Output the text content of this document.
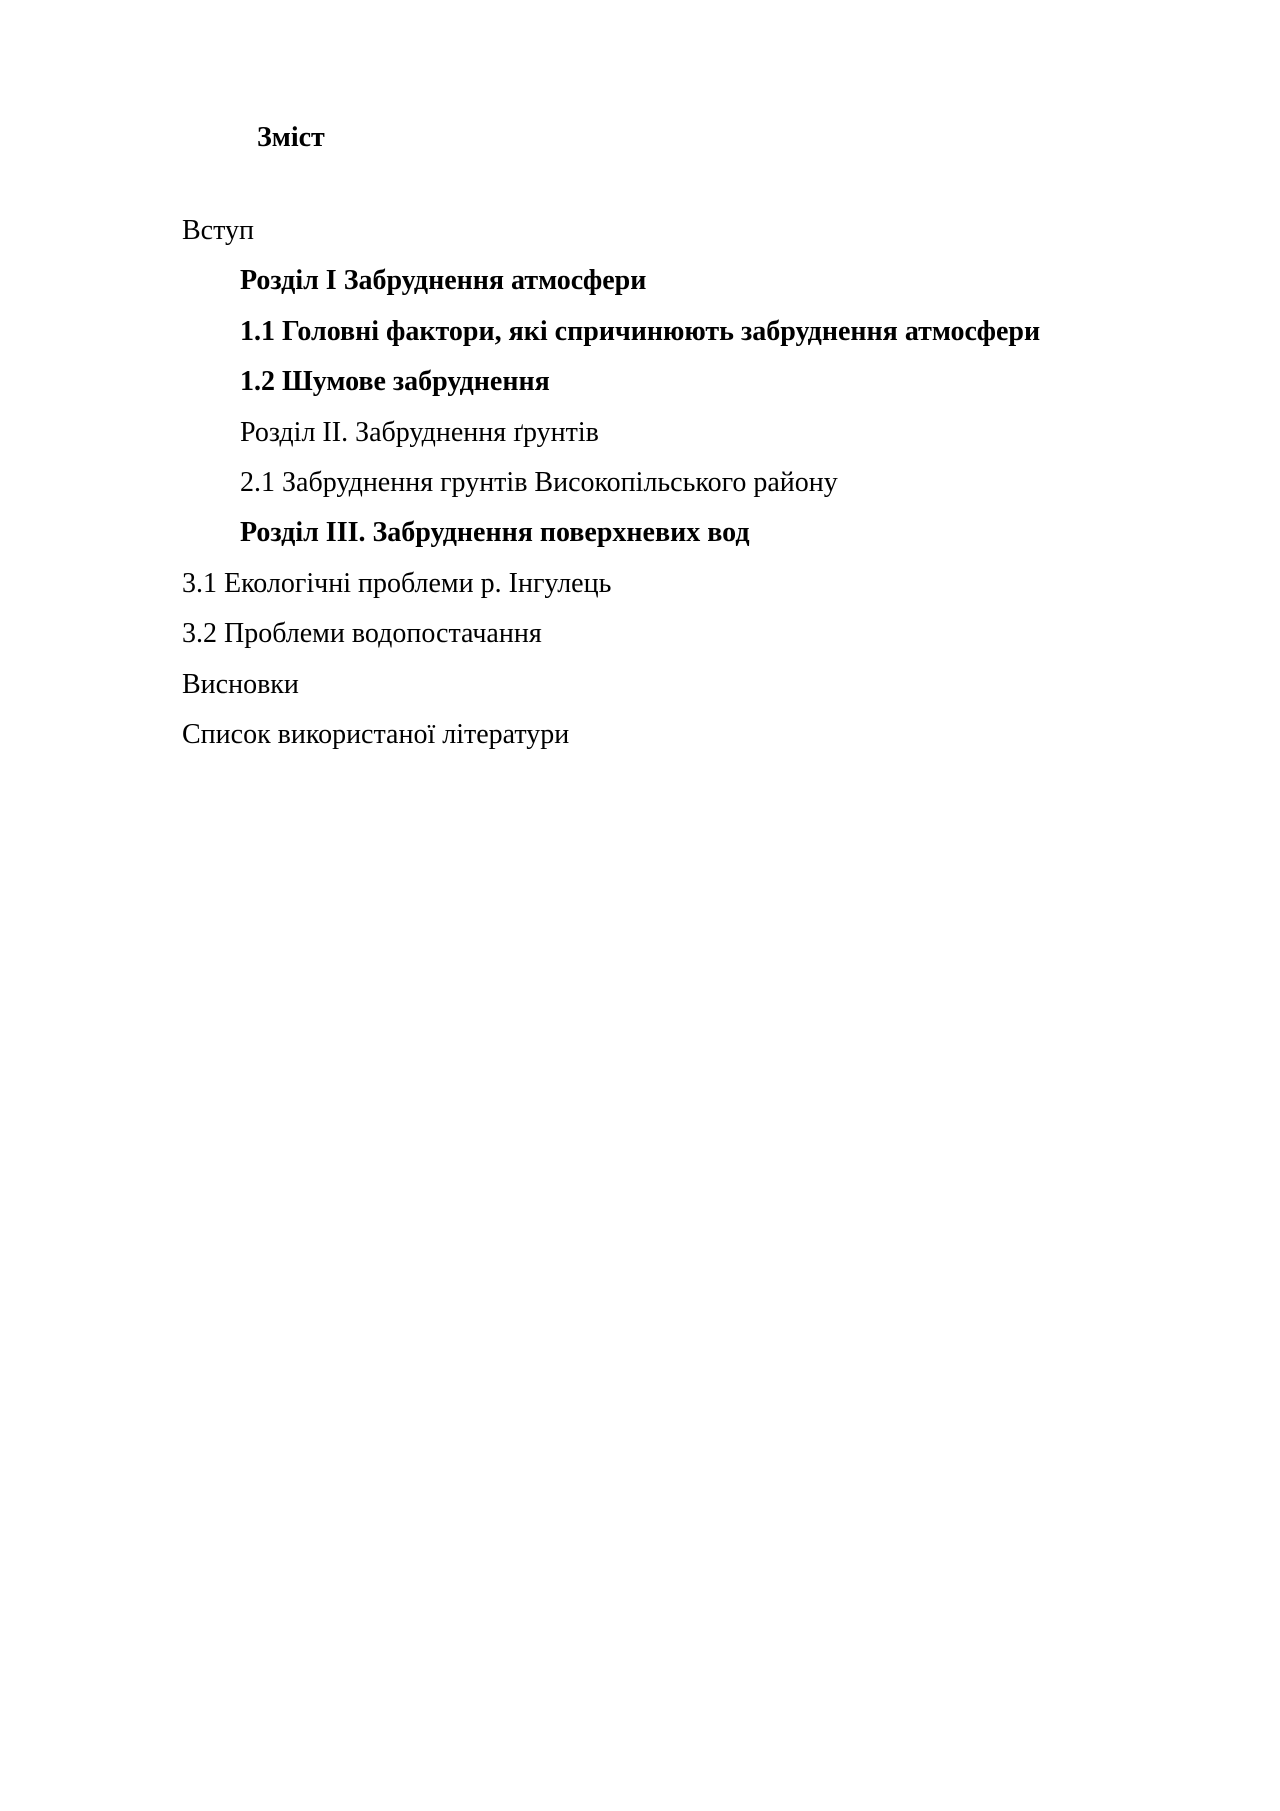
Зміст
Вступ
Розділ І Забруднення атмосфери
1.1 Головні фактори, які спричинюють забруднення атмосфери
1.2 Шумове забруднення
Розділ ІІ. Забруднення ґрунтів
2.1 Забруднення грунтів Високопільського району
Розділ ІІІ. Забруднення поверхневих вод
3.1 Екологічні проблеми р. Інгулець
3.2 Проблеми водопостачання
Висновки
Список використаної літератури
